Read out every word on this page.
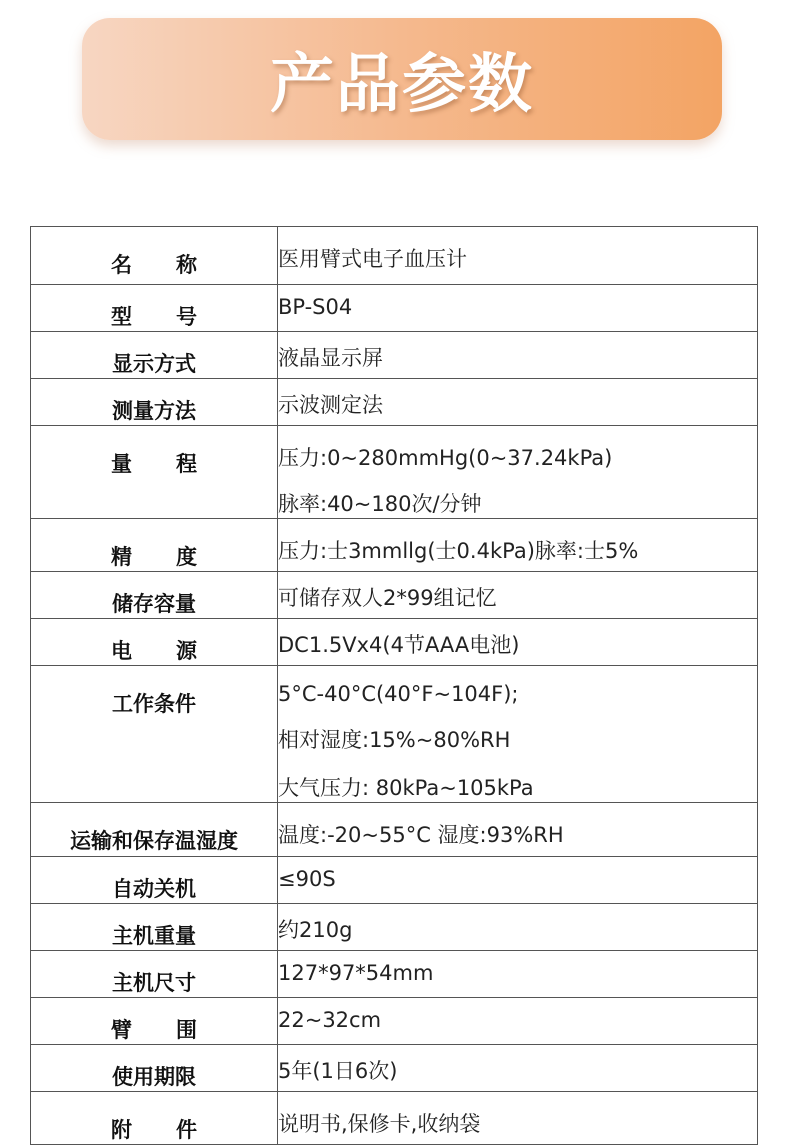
产品参数
名称	医用臂式电子血压计

型号	BP-S04

显示方式	液晶显示屏

测量方法	示波测定法

量程	压力:0~280mmHg(0~37.24kPa)
脉率:40~180次/分钟

精度	压力:士3mmllg(士0.4kPa)脉率:士5%

储存容量	可储存双人2*99组记忆

电源	DC1.5Vx4(4节AAA电池)

工作条件	5°C-40°C(40°F~104F);
相对湿度:15%~80%RH
大气压力: 80kPa~105kPa

运输和保存温湿度	温度:-20~55°C 湿度:93%RH

自动关机	≤90S

主机重量	约210g

主机尺寸	127*97*54mm

臂围	22~32cm

使用期限	5年(1日6次)

附件	说明书,保修卡,收纳袋
